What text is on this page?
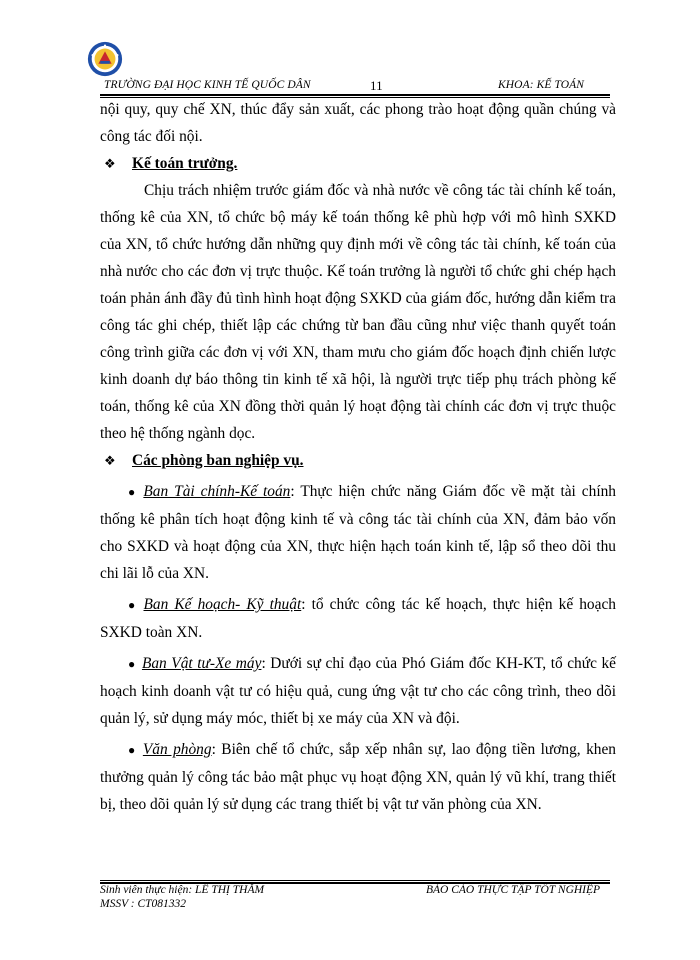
TRƯỜNG ĐẠI HỌC KINH TẾ QUỐC DÂN	11	KHOA: KẾ TOÁN

nội quy, quy chế XN, thúc đẩy sản xuất, các phong trào hoạt động quần chúng và công tác đối nội.

❖ Kế toán trưởng.

Chịu trách nhiệm trước giám đốc và nhà nước về công tác tài chính kế toán, thống kê của XN, tổ chức bộ máy kế toán thống kê phù hợp với mô hình SXKD của XN, tổ chức hướng dẫn những quy định mới về công tác tài chính, kế toán của nhà nước cho các đơn vị trực thuộc. Kế toán trưởng là người tổ chức ghi chép hạch toán phản ánh đầy đủ tình hình hoạt động SXKD của giám đốc, hướng dẫn kiểm tra công tác ghi chép, thiết lập các chứng từ ban đầu cũng như việc thanh quyết toán công trình giữa các đơn vị với XN, tham mưu cho giám đốc hoạch định chiến lược kinh doanh dự báo thông tin kinh tế xã hội, là người trực tiếp phụ trách phòng kế toán, thống kê của XN đồng thời quản lý hoạt động tài chính các đơn vị trực thuộc theo hệ thống ngành dọc.

❖ Các phòng ban nghiệp vụ.

● Ban Tài chính-Kế toán: Thực hiện chức năng Giám đốc về mặt tài chính thống kê phân tích hoạt động kinh tế và công tác tài chính của XN, đảm bảo vốn cho SXKD và hoạt động của XN, thực hiện hạch toán kinh tế, lập sổ theo dõi thu chi lãi lỗ của XN.

● Ban Kế hoạch- Kỹ thuật: tổ chức công tác kế hoạch, thực hiện kế hoạch SXKD toàn XN.

● Ban Vật tư-Xe máy: Dưới sự chỉ đạo của Phó Giám đốc KH-KT, tổ chức kế hoạch kinh doanh vật tư có hiệu quả, cung ứng vật tư cho các công trình, theo dõi quản lý, sử dụng máy móc, thiết bị xe máy của XN và đội.

● Văn phòng: Biên chế tổ chức, sắp xếp nhân sự, lao động tiền lương, khen thưởng quản lý công tác bảo mật phục vụ hoạt động XN, quản lý vũ khí, trang thiết bị, theo dõi quản lý sử dụng các trang thiết bị vật tư văn phòng của XN.

Sinh viên thực hiện: LÊ THỊ THẮM
MSSV : CT081332
BÁO CÁO THỰC TẬP TỐT NGHIỆP
